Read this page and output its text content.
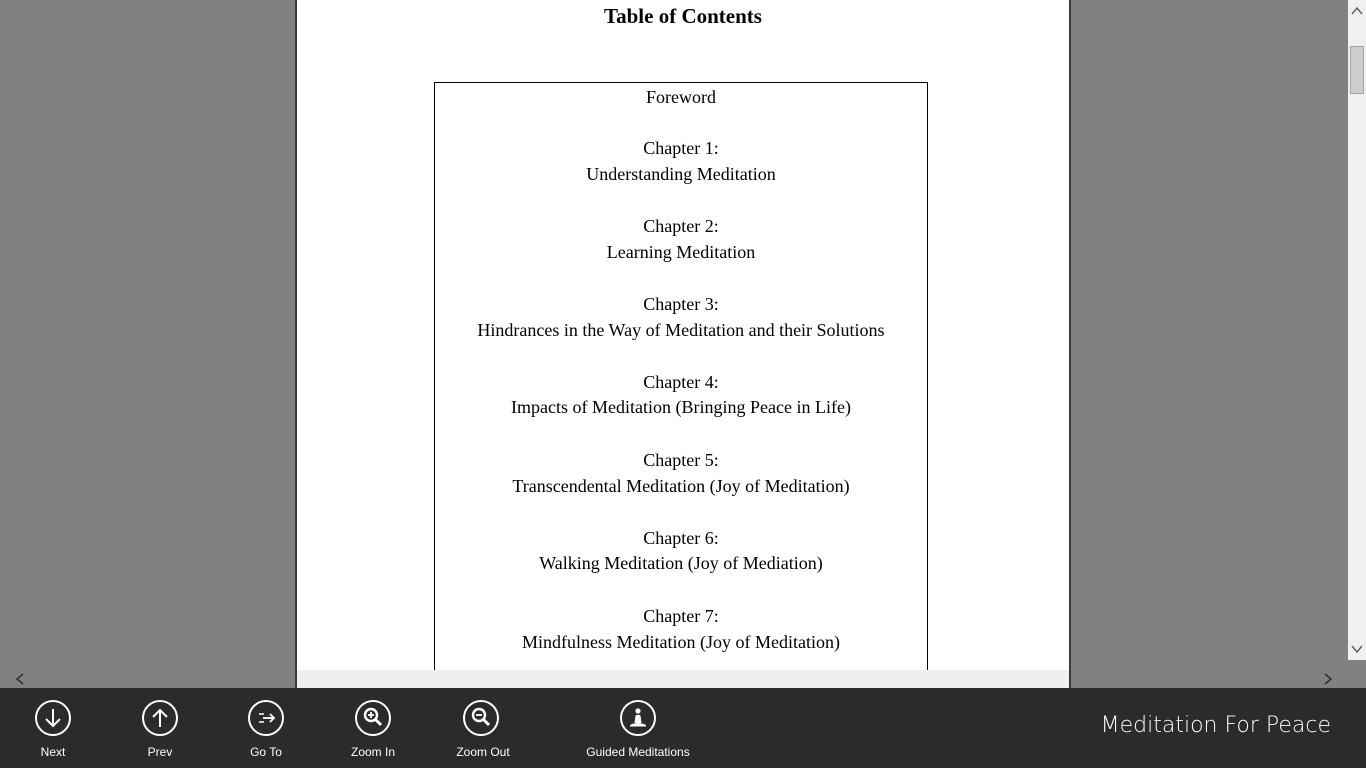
Table of Contents
Foreword
Chapter 1:
Understanding Meditation
Chapter 2:
Learning Meditation
Chapter 3:
Hindrances in the Way of Meditation and their Solutions
Chapter 4:
Impacts of Meditation (Bringing Peace in Life)
Chapter 5:
Transcendental Meditation (Joy of Meditation)
Chapter 6:
Walking Meditation (Joy of Mediation)
Chapter 7:
Mindfulness Meditation (Joy of Meditation)
Next	Prev	Go To	Zoom In	Zoom Out	Guided Meditations
Meditation For Peace
